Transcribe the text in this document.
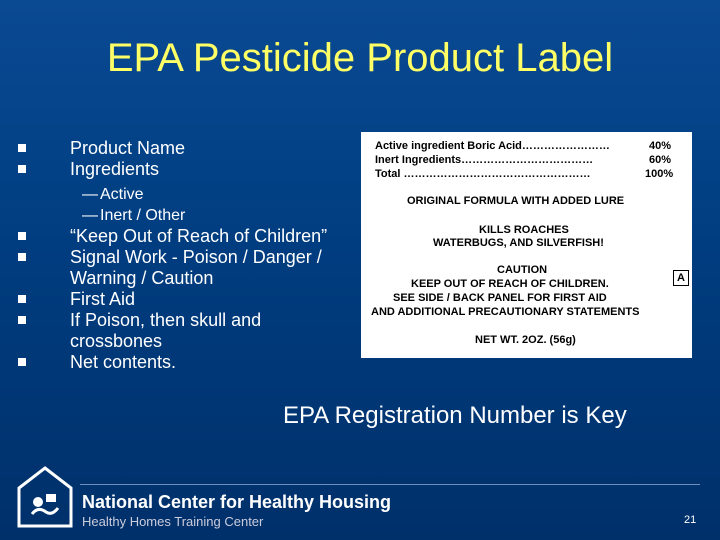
EPA Pesticide Product Label
Product Name
Ingredients
— Active
— Inert / Other
“Keep Out of Reach of Children”
Signal Work - Poison / Danger / Warning / Caution
First Aid
If Poison, then skull and crossbones
Net contents.
Active ingredient Boric Acid……………………	40%
Inert Ingredients………………………………	60%
Total ……………………………………………	100%
ORIGINAL FORMULA WITH ADDED LURE
KILLS ROACHES
WATERBUGS, AND SILVERFISH!
CAUTION
KEEP OUT OF REACH OF CHILDREN.
SEE SIDE / BACK PANEL FOR FIRST AID
AND ADDITIONAL PRECAUTIONARY STATEMENTS
NET WT. 2OZ. (56g)
A
EPA Registration Number is Key
National Center for Healthy Housing
Healthy Homes Training Center	21
